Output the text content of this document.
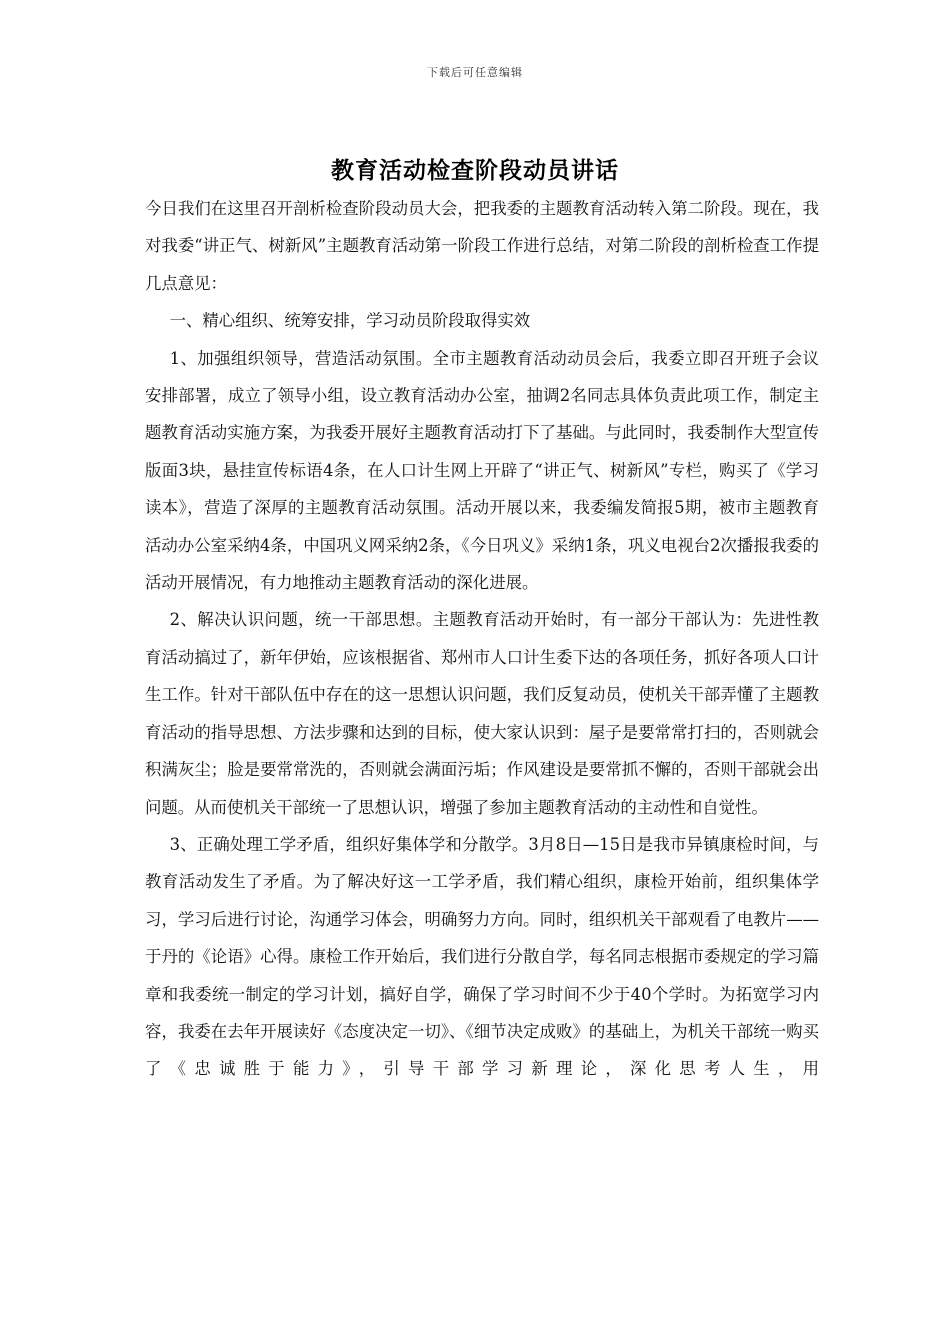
下载后可任意编辑
教育活动检查阶段动员讲话

今日我们在这里召开剖析检查阶段动员大会，把我委的主题教育活动转入第二阶段。现在，我对我委“讲正气、树新风”主题教育活动第一阶段工作进行总结，对第二阶段的剖析检查工作提几点意见：

一、精心组织、统筹安排，学习动员阶段取得实效

1、加强组织领导，营造活动氛围。全市主题教育活动动员会后，我委立即召开班子会议安排部署，成立了领导小组，设立教育活动办公室，抽调2名同志具体负责此项工作，制定主题教育活动实施方案，为我委开展好主题教育活动打下了基础。与此同时，我委制作大型宣传版面3块，悬挂宣传标语4条，在人口计生网上开辟了“讲正气、树新风”专栏，购买了《学习读本》，营造了深厚的主题教育活动氛围。活动开展以来，我委编发简报5期，被市主题教育活动办公室采纳4条，中国巩义网采纳2条，《今日巩义》采纳1条，巩义电视台2次播报我委的活动开展情况，有力地推动主题教育活动的深化进展。

2、解决认识问题，统一干部思想。主题教育活动开始时，有一部分干部认为：先进性教育活动搞过了，新年伊始，应该根据省、郑州市人口计生委下达的各项任务，抓好各项人口计生工作。针对干部队伍中存在的这一思想认识问题，我们反复动员，使机关干部弄懂了主题教育活动的指导思想、方法步骤和达到的目标，使大家认识到：屋子是要常常打扫的，否则就会积满灰尘；脸是要常常洗的，否则就会满面污垢；作风建设是要常抓不懈的，否则干部就会出问题。从而使机关干部统一了思想认识，增强了参加主题教育活动的主动性和自觉性。

3、正确处理工学矛盾，组织好集体学和分散学。3月8日—15日是我市异镇康检时间，与教育活动发生了矛盾。为了解决好这一工学矛盾，我们精心组织，康检开始前，组织集体学习，学习后进行讨论，沟通学习体会，明确努力方向。同时，组织机关干部观看了电教片——于丹的《论语》心得。康检工作开始后，我们进行分散自学，每名同志根据市委规定的学习篇章和我委统一制定的学习计划，搞好自学，确保了学习时间不少于40个学时。为拓宽学习内容，我委在去年开展读好《态度决定一切》、《细节决定成败》的基础上，为机关干部统一购买了《忠诚胜于能力》，引导干部学习新理论，深化思考人生，用
